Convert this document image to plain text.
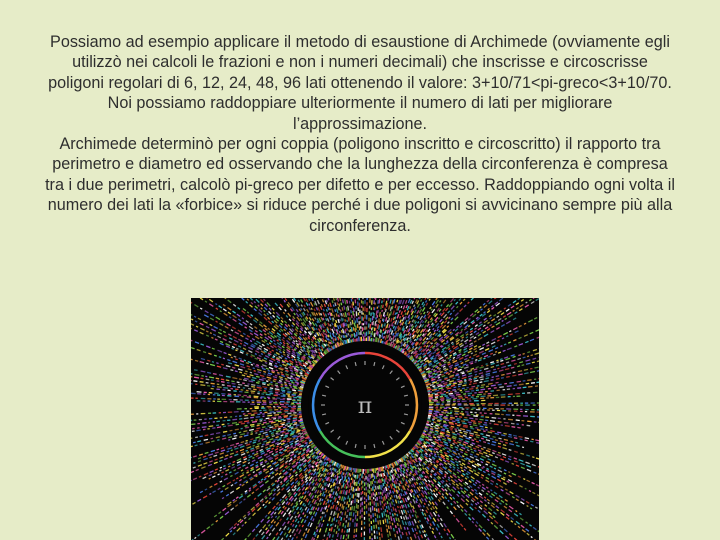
Possiamo ad esempio applicare il metodo di esaustione di Archimede (ovviamente egli utilizzò nei calcoli le frazioni e non i numeri decimali) che inscrisse e circoscrisse poligoni regolari di 6, 12, 24, 48, 96 lati ottenendo il valore: 3+10/71<pi-greco<3+10/70. Noi possiamo raddoppiare ulteriormente il numero di lati per migliorare l’approssimazione.

Archimede determinò per ogni coppia (poligono inscritto e circoscritto) il rapporto tra perimetro e diametro ed osservando che la lunghezza della circonferenza è compresa tra i due perimetri, calcolò pi-greco per difetto e per eccesso. Raddoppiando ogni volta il numero dei lati la «forbice» si riduce perché i due poligoni si avvicinano sempre più alla circonferenza.

π
